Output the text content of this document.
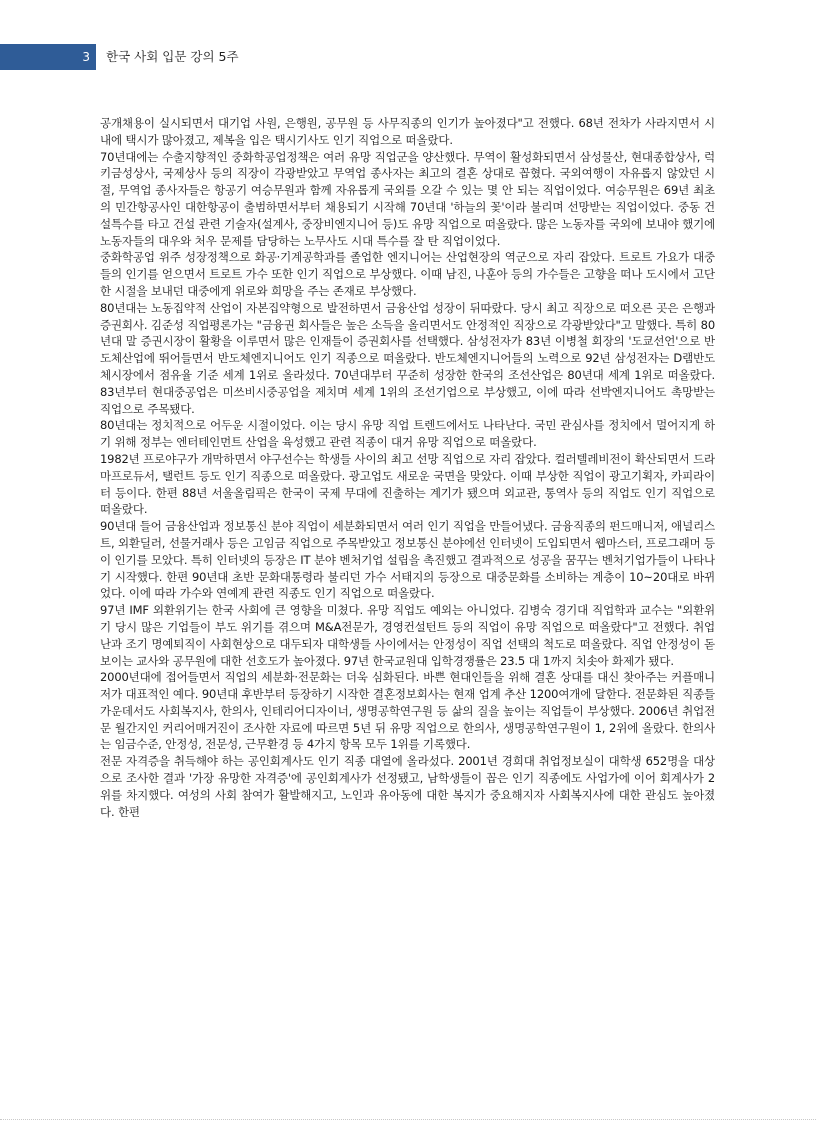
3	한국 사회 입문 강의 5주

공개채용이 실시되면서 대기업 사원, 은행원, 공무원 등 사무직종의 인기가 높아졌다"고 전했다. 68년 전차가 사라지면서 시내에 택시가 많아졌고, 제복을 입은 택시기사도 인기 직업으로 떠올랐다.

70년대에는 수출지향적인 중화학공업정책은 여러 유망 직업군을 양산했다. 무역이 활성화되면서 삼성물산, 현대종합상사, 럭키금성상사, 국제상사 등의 직장이 각광받았고 무역업 종사자는 최고의 결혼 상대로 꼽혔다. 국외여행이 자유롭지 않았던 시절, 무역업 종사자들은 항공기 여승무원과 함께 자유롭게 국외를 오갈 수 있는 몇 안 되는 직업이었다. 여승무원은 69년 최초의 민간항공사인 대한항공이 출범하면서부터 채용되기 시작해 70년대 '하늘의 꽃'이라 불리며 선망받는 직업이었다. 중동 건설특수를 타고 건설 관련 기술자(설계사, 중장비엔지니어 등)도 유망 직업으로 떠올랐다. 많은 노동자를 국외에 보내야 했기에 노동자들의 대우와 처우 문제를 담당하는 노무사도 시대 특수를 잘 탄 직업이었다.

중화학공업 위주 성장정책으로 화공·기계공학과를 졸업한 엔지니어는 산업현장의 역군으로 자리 잡았다. 트로트 가요가 대중들의 인기를 얻으면서 트로트 가수 또한 인기 직업으로 부상했다. 이때 남진, 나훈아 등의 가수들은 고향을 떠나 도시에서 고단한 시절을 보내던 대중에게 위로와 희망을 주는 존재로 부상했다.

80년대는 노동집약적 산업이 자본집약형으로 발전하면서 금융산업 성장이 뒤따랐다. 당시 최고 직장으로 떠오른 곳은 은행과 증권회사. 김준성 직업평론가는 "금융권 회사들은 높은 소득을 올리면서도 안정적인 직장으로 각광받았다"고 말했다. 특히 80년대 말 증권시장이 활황을 이루면서 많은 인재들이 증권회사를 선택했다. 삼성전자가 83년 이병철 회장의 '도쿄선언'으로 반도체산업에 뛰어들면서 반도체엔지니어도 인기 직종으로 떠올랐다. 반도체엔지니어들의 노력으로 92년 삼성전자는 D램반도체시장에서 점유율 기준 세계 1위로 올라섰다. 70년대부터 꾸준히 성장한 한국의 조선산업은 80년대 세계 1위로 떠올랐다. 83년부터 현대중공업은 미쓰비시중공업을 제치며 세계 1위의 조선기업으로 부상했고, 이에 따라 선박엔지니어도 촉망받는 직업으로 주목됐다.

80년대는 정치적으로 어두운 시절이었다. 이는 당시 유망 직업 트렌드에서도 나타난다. 국민 관심사를 정치에서 멀어지게 하기 위해 정부는 엔터테인먼트 산업을 육성했고 관련 직종이 대거 유망 직업으로 떠올랐다.

1982년 프로야구가 개막하면서 야구선수는 학생들 사이의 최고 선망 직업으로 자리 잡았다. 컬러텔레비전이 확산되면서 드라마프로듀서, 탤런트 등도 인기 직종으로 떠올랐다. 광고업도 새로운 국면을 맞았다. 이때 부상한 직업이 광고기획자, 카피라이터 등이다. 한편 88년 서울올림픽은 한국이 국제 무대에 진출하는 계기가 됐으며 외교관, 통역사 등의 직업도 인기 직업으로 떠올랐다.

90년대 들어 금융산업과 정보통신 분야 직업이 세분화되면서 여러 인기 직업을 만들어냈다. 금융직종의 펀드매니저, 애널리스트, 외환딜러, 선물거래사 등은 고임금 직업으로 주목받았고 정보통신 분야에선 인터넷이 도입되면서 웹마스터, 프로그래머 등이 인기를 모았다. 특히 인터넷의 등장은 IT 분야 벤처기업 설립을 촉진했고 결과적으로 성공을 꿈꾸는 벤처기업가들이 나타나기 시작했다. 한편 90년대 초반 문화대통령라 불리던 가수 서태지의 등장으로 대중문화를 소비하는 계층이 10~20대로 바뀌었다. 이에 따라 가수와 연예계 관련 직종도 인기 직업으로 떠올랐다.

97년 IMF 외환위기는 한국 사회에 큰 영향을 미쳤다. 유망 직업도 예외는 아니었다. 김병숙 경기대 직업학과 교수는 "외환위기 당시 많은 기업들이 부도 위기를 겪으며 M&A전문가, 경영컨설턴트 등의 직업이 유망 직업으로 떠올랐다"고 전했다. 취업난과 조기 명예퇴직이 사회현상으로 대두되자 대학생들 사이에서는 안정성이 직업 선택의 척도로 떠올랐다. 직업 안정성이 돋보이는 교사와 공무원에 대한 선호도가 높아졌다. 97년 한국교원대 입학경쟁률은 23.5 대 1까지 치솟아 화제가 됐다.

2000년대에 접어들면서 직업의 세분화·전문화는 더욱 심화된다. 바쁜 현대인들을 위해 결혼 상대를 대신 찾아주는 커플매니저가 대표적인 예다. 90년대 후반부터 등장하기 시작한 결혼정보회사는 현재 업계 추산 1200여개에 달한다. 전문화된 직종들 가운데서도 사회복지사, 한의사, 인테리어디자이너, 생명공학연구원 등 삶의 질을 높이는 직업들이 부상했다. 2006년 취업전문 월간지인 커리어매거진이 조사한 자료에 따르면 5년 뒤 유망 직업으로 한의사, 생명공학연구원이 1, 2위에 올랐다. 한의사는 임금수준, 안정성, 전문성, 근무환경 등 4가지 항목 모두 1위를 기록했다.

전문 자격증을 취득해야 하는 공인회계사도 인기 직종 대열에 올라섰다. 2001년 경희대 취업정보실이 대학생 652명을 대상으로 조사한 결과 '가장 유망한 자격증'에 공인회계사가 선정됐고, 남학생들이 꼽은 인기 직종에도 사업가에 이어 회계사가 2위를 차지했다. 여성의 사회 참여가 활발해지고, 노인과 유아동에 대한 복지가 중요해지자 사회복지사에 대한 관심도 높아졌다. 한편
